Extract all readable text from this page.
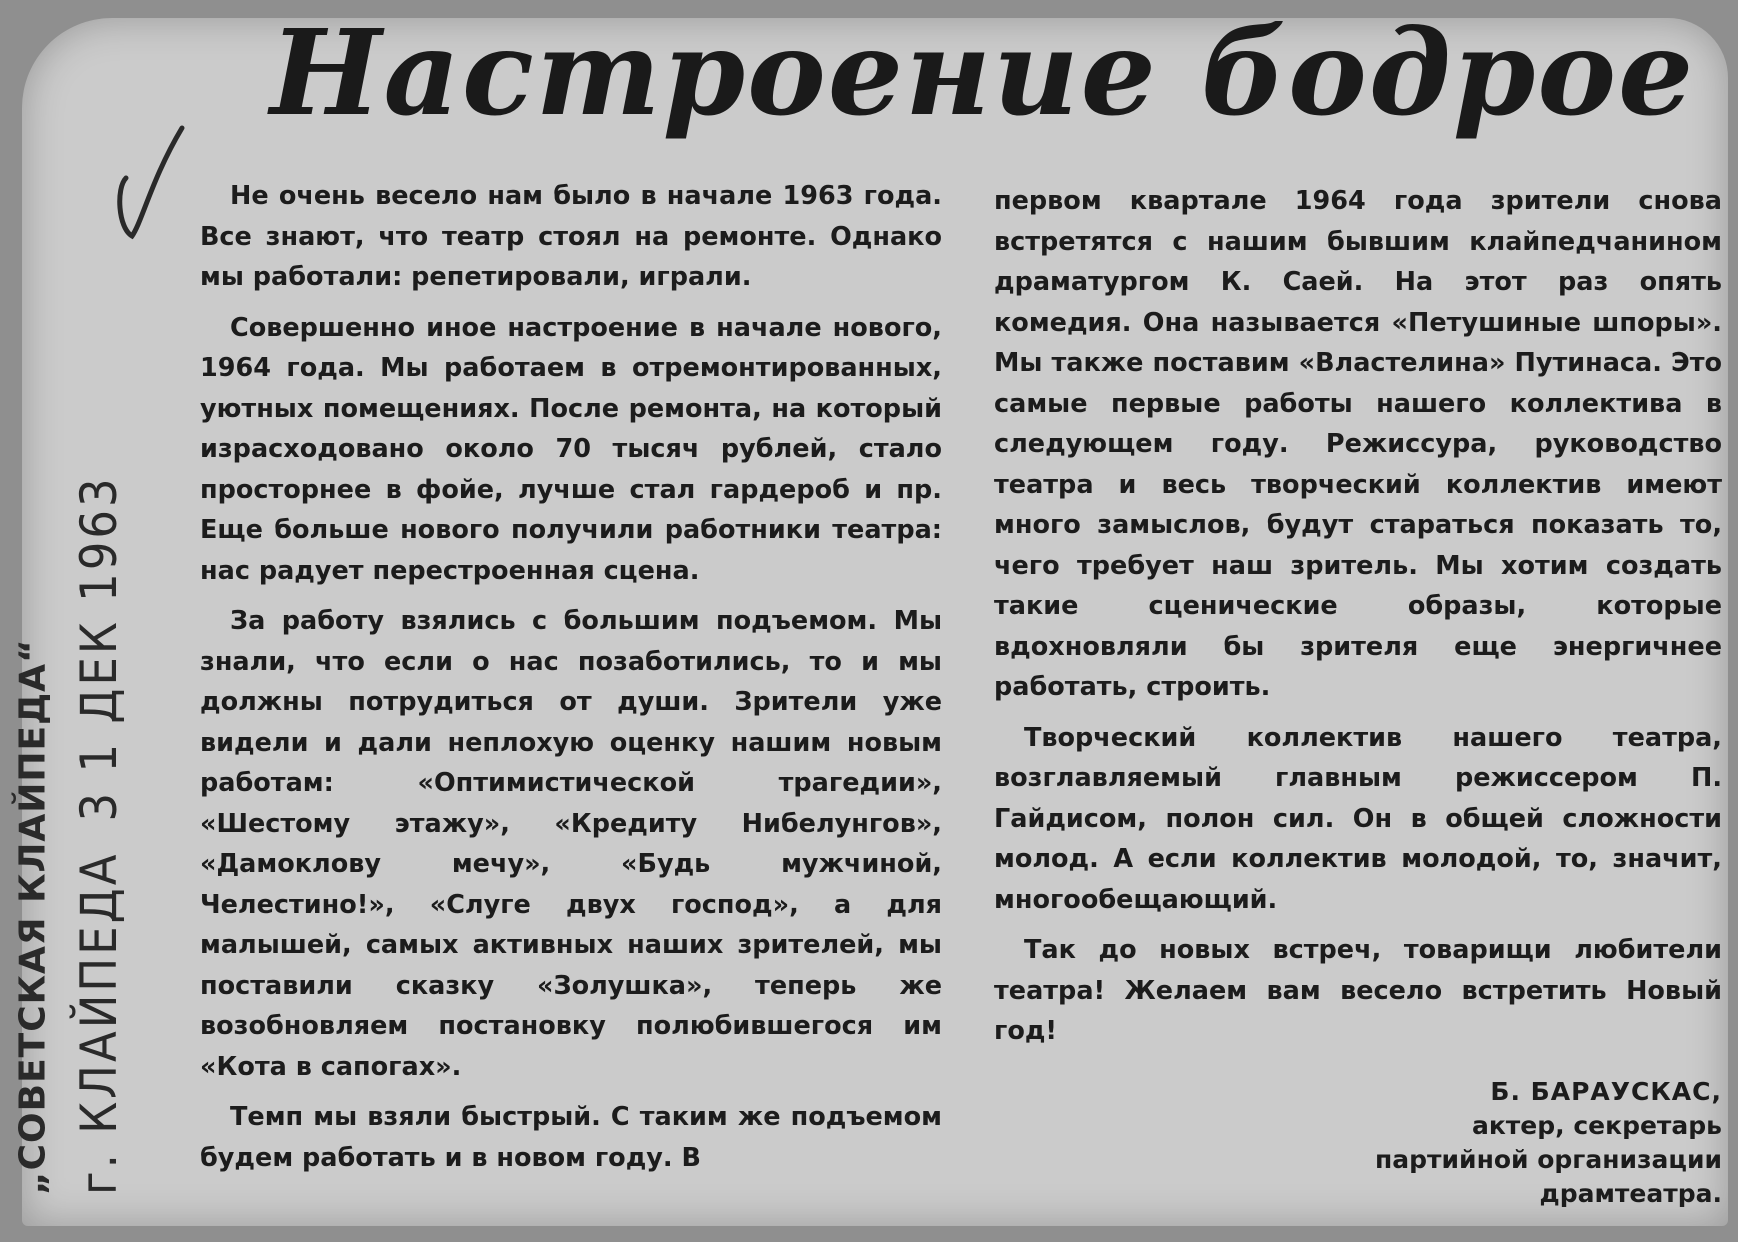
Настроение бодрое
„СОВЕТСКАЯ КЛАЙПЕДА“ г. КЛАЙПЕДА3 1 ДЕК 1963

Не очень весело нам было в начале 1963 года. Все знают, что театр стоял на ремонте. Однако мы работали: репетировали, играли.

Совершенно иное настроение в начале нового, 1964 года. Мы работаем в отремонтированных, уютных помещениях. После ремонта, на который израсходовано около 70 тысяч рублей, стало просторнее в фойе, лучше стал гардероб и пр. Еще больше нового получили работники театра: нас радует перестроенная сцена.

За работу взялись с большим подъемом. Мы знали, что если о нас позаботились, то и мы должны потрудиться от души. Зрители уже видели и дали неплохую оценку нашим новым работам: «Оптимистической трагедии», «Шестому этажу», «Кредиту Нибелунгов», «Дамоклову мечу», «Будь мужчиной, Челестино!», «Слуге двух господ», а для малышей, самых активных наших зрителей, мы поставили сказку «Золушка», теперь же возобновляем постановку полюбившегося им «Кота в сапогах».

Темп мы взяли быстрый. С таким же подъемом будем работать и в новом году. В

первом квартале 1964 года зрители снова встретятся с нашим бывшим клайпедчанином драматургом К. Саей. На этот раз опять комедия. Она называется «Петушиные шпоры». Мы также поставим «Властелина» Путинаса. Это самые первые работы нашего коллектива в следующем году. Режиссура, руководство театра и весь творческий коллектив имеют много замыслов, будут стараться показать то, чего требует наш зритель. Мы хотим создать такие сценические образы, которые вдохновляли бы зрителя еще энергичнее работать, строить.

Творческий коллектив нашего театра, возглавляемый главным режиссером П. Гайдисом, полон сил. Он в общей сложности молод. А если коллектив молодой, то, значит, многообещающий.

Так до новых встреч, товарищи любители театра! Желаем вам весело встретить Новый год!

Б. БАРАУСКАС,
актер, секретарь
партийной организации
драмтеатра.
